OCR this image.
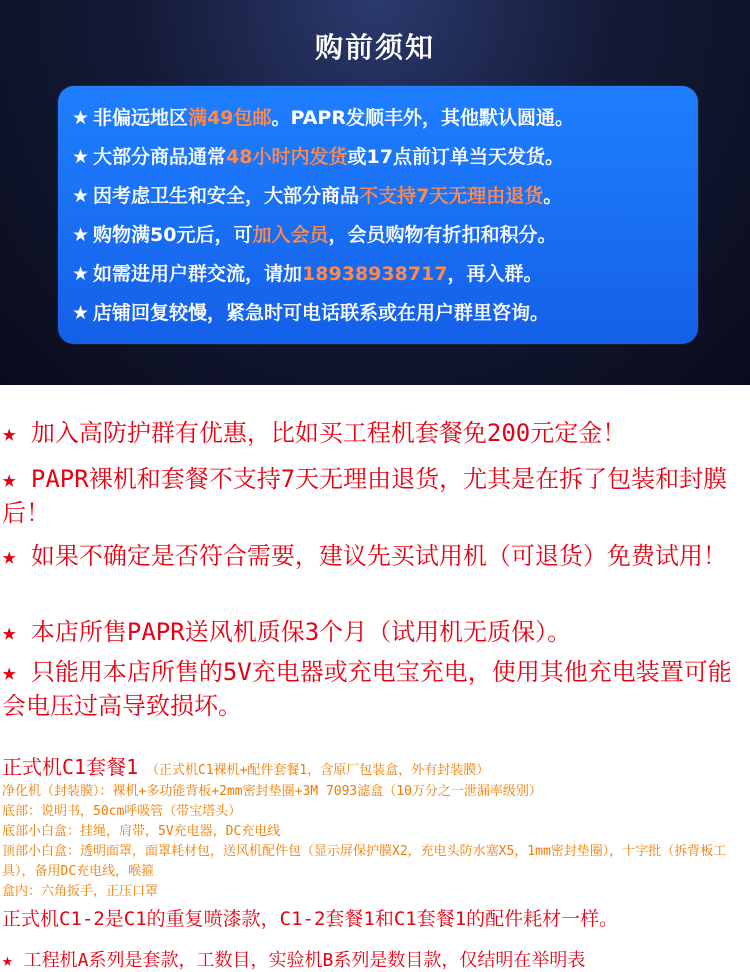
购前须知
★ 非偏远地区满49包邮。PAPR发顺丰外，其他默认圆通。
★ 大部分商品通常48小时内发货或17点前订单当天发货。
★ 因考虑卫生和安全，大部分商品不支持7天无理由退货。
★ 购物满50元后，可加入会员，会员购物有折扣和积分。
★ 如需进用户群交流，请加18938938717，再入群。
★ 店铺回复较慢，紧急时可电话联系或在用户群里咨询。
★ 加入高防护群有优惠，比如买工程机套餐免200元定金！
★ PAPR裸机和套餐不支持7天无理由退货，尤其是在拆了包装和封膜后！
★ 如果不确定是否符合需要，建议先买试用机（可退货）免费试用！
★ 本店所售PAPR送风机质保3个月（试用机无质保）。
★ 只能用本店所售的5V充电器或充电宝充电，使用其他充电装置可能会电压过高导致损坏。
正式机C1套餐1 （正式机C1裸机+配件套餐1，含原厂包装盒，外有封装膜）
净化机（封装膜）：裸机+多功能背板+2mm密封垫圈+3M 7093滤盒（10万分之一泄漏率级别）
底部：说明书，50cm呼吸管（带宝塔头）
底部小白盒：挂绳，肩带，5V充电器，DC充电线
顶部小白盒：透明面罩，面罩耗材包，送风机配件包（显示屏保护膜X2，充电头防水塞X5，1mm密封垫圈），十字批（拆背板工具），备用DC充电线，喉箍
盒内：六角扳手，正压口罩
正式机C1-2是C1的重复喷漆款，C1-2套餐1和C1套餐1的配件耗材一样。
★ 工程机A系列是套款，工数目，实验机B系列是数目款，仅结明在举明表
